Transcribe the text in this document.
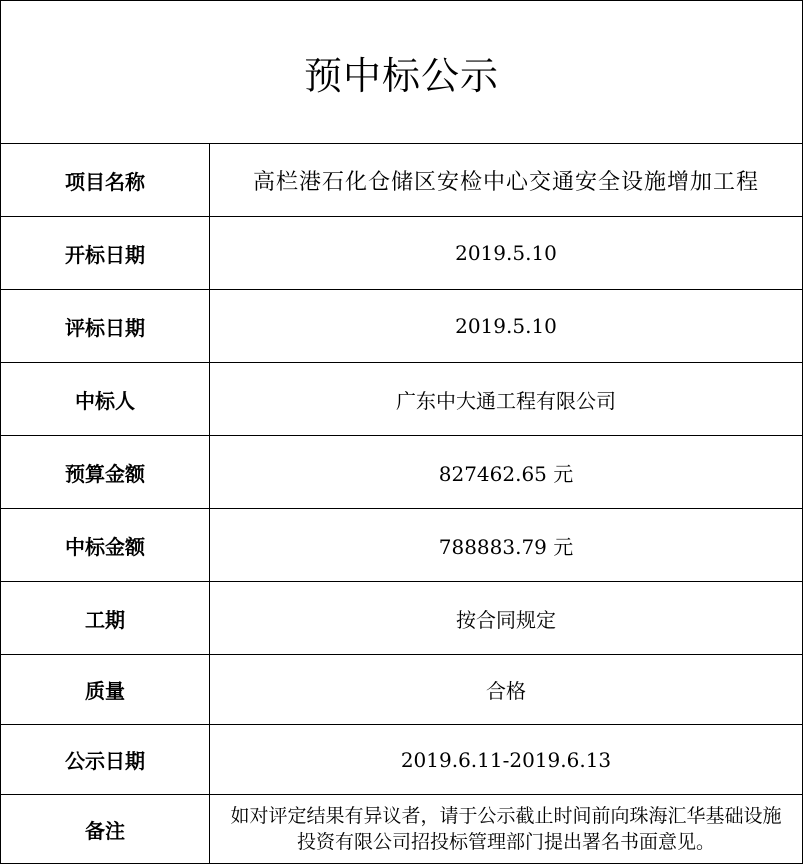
预中标公示	
项目名称	高栏港石化仓储区安检中心交通安全设施增加工程
开标日期	2019.5.10
评标日期	2019.5.10
中标人	广东中大通工程有限公司
预算金额	827462.65 元
中标金额	788883.79 元
工期	按合同规定
质量	合格
公示日期	2019.6.11-2019.6.13
备注	如对评定结果有异议者，请于公示截止时间前向珠海汇华基础设施投资有限公司招投标管理部门提出署名书面意见。
